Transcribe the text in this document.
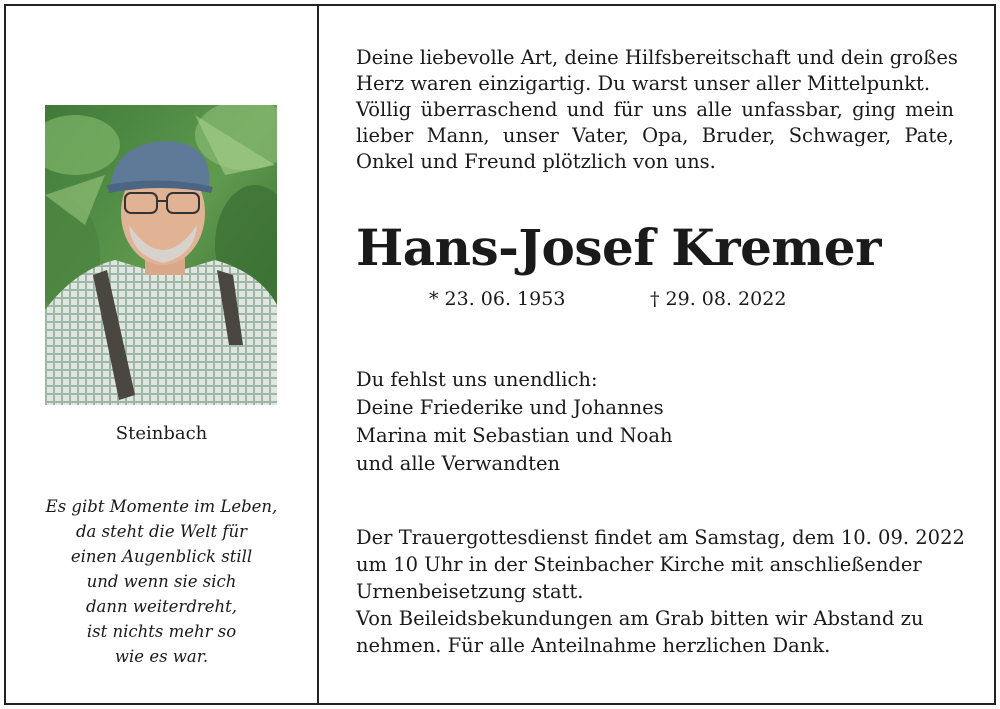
Steinbach
Es gibt Momente im Leben,
da steht die Welt für
einen Augenblick still
und wenn sie sich
dann weiterdreht,
ist nichts mehr so
wie es war.
Deine liebevolle Art, deine Hilfsbereitschaft und dein großes
Herz waren einzigartig. Du warst unser aller Mittelpunkt.
Völlig überraschend und für uns alle unfassbar, ging mein
lieber Mann, unser Vater, Opa, Bruder, Schwager, Pate,
Onkel und Freund plötzlich von uns.
Hans-Josef Kremer
* 23. 06. 1953	† 29. 08. 2022
Du fehlst uns unendlich:
Deine Friederike und Johannes
Marina mit Sebastian und Noah
und alle Verwandten
Der Trauergottesdienst findet am Samstag, dem 10. 09. 2022
um 10 Uhr in der Steinbacher Kirche mit anschließender
Urnenbeisetzung statt.
Von Beileidsbekundungen am Grab bitten wir Abstand zu
nehmen. Für alle Anteilnahme herzlichen Dank.
